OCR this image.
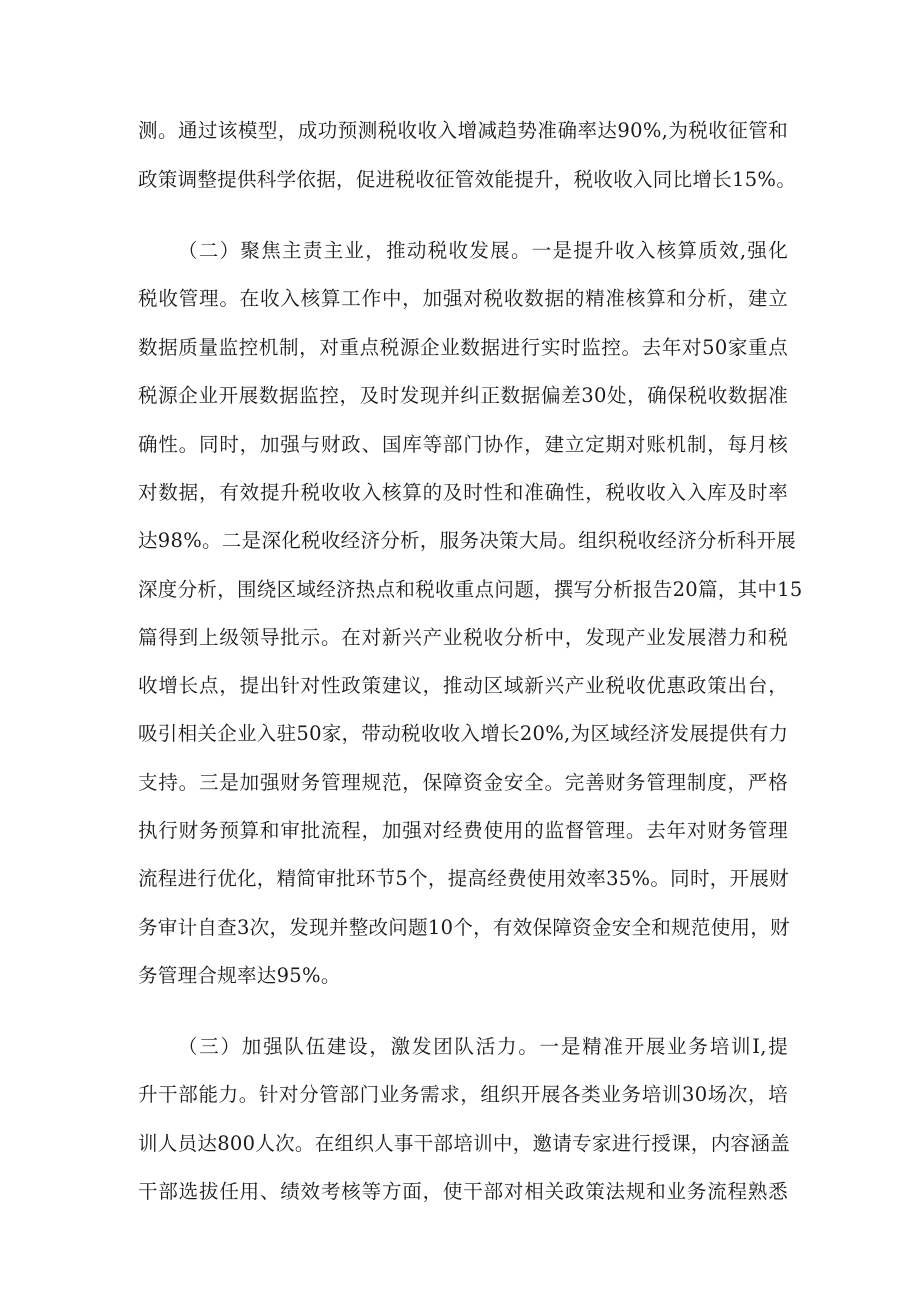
测。通过该模型，成功预测税收收入增减趋势准确率达90%,为税收征管和
政策调整提供科学依据，促进税收征管效能提升，税收收入同比增长15%。
（二）聚焦主责主业，推动税收发展。一是提升收入核算质效,强化
税收管理。在收入核算工作中，加强对税收数据的精准核算和分析，建立
数据质量监控机制，对重点税源企业数据进行实时监控。去年对50家重点
税源企业开展数据监控，及时发现并纠正数据偏差30处，确保税收数据准
确性。同时，加强与财政、国库等部门协作，建立定期对账机制，每月核
对数据，有效提升税收收入核算的及时性和准确性，税收收入入库及时率
达98%。二是深化税收经济分析，服务决策大局。组织税收经济分析科开展
深度分析，围绕区域经济热点和税收重点问题，撰写分析报告20篇，其中15
篇得到上级领导批示。在对新兴产业税收分析中，发现产业发展潜力和税
收增长点，提出针对性政策建议，推动区域新兴产业税收优惠政策出台，
吸引相关企业入驻50家，带动税收收入增长20%,为区域经济发展提供有力
支持。三是加强财务管理规范，保障资金安全。完善财务管理制度，严格
执行财务预算和审批流程，加强对经费使用的监督管理。去年对财务管理
流程进行优化，精简审批环节5个，提高经费使用效率35%。同时，开展财
务审计自查3次，发现并整改问题10个，有效保障资金安全和规范使用，财
务管理合规率达95%。
（三）加强队伍建设，激发团队活力。一是精准开展业务培训I,提
升干部能力。针对分管部门业务需求，组织开展各类业务培训30场次，培
训人员达800人次。在组织人事干部培训中，邀请专家进行授课，内容涵盖
干部选拔任用、绩效考核等方面，使干部对相关政策法规和业务流程熟悉
